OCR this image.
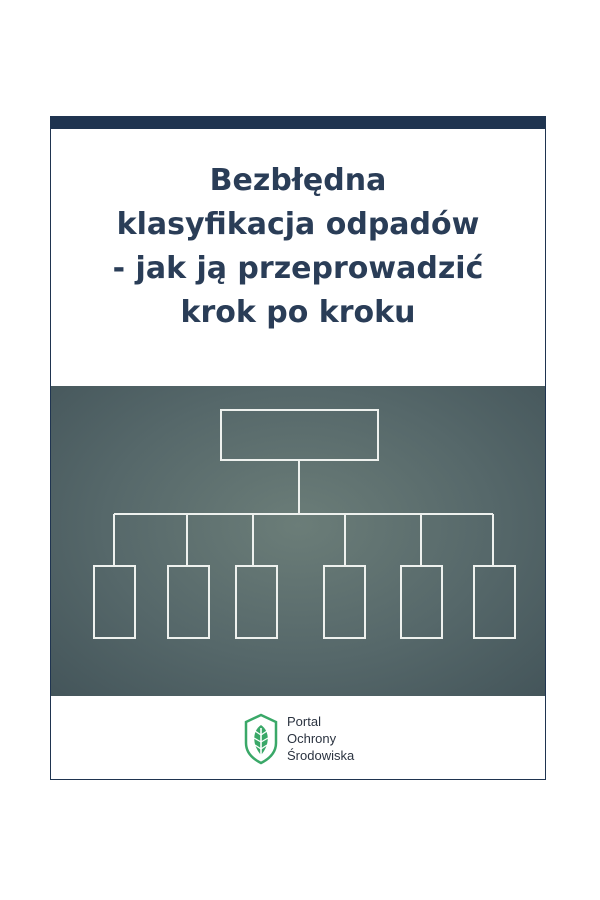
Bezbłędna
klasyfikacja odpadów
- jak ją przeprowadzić
krok po kroku
Portal
Ochrony
Środowiska
